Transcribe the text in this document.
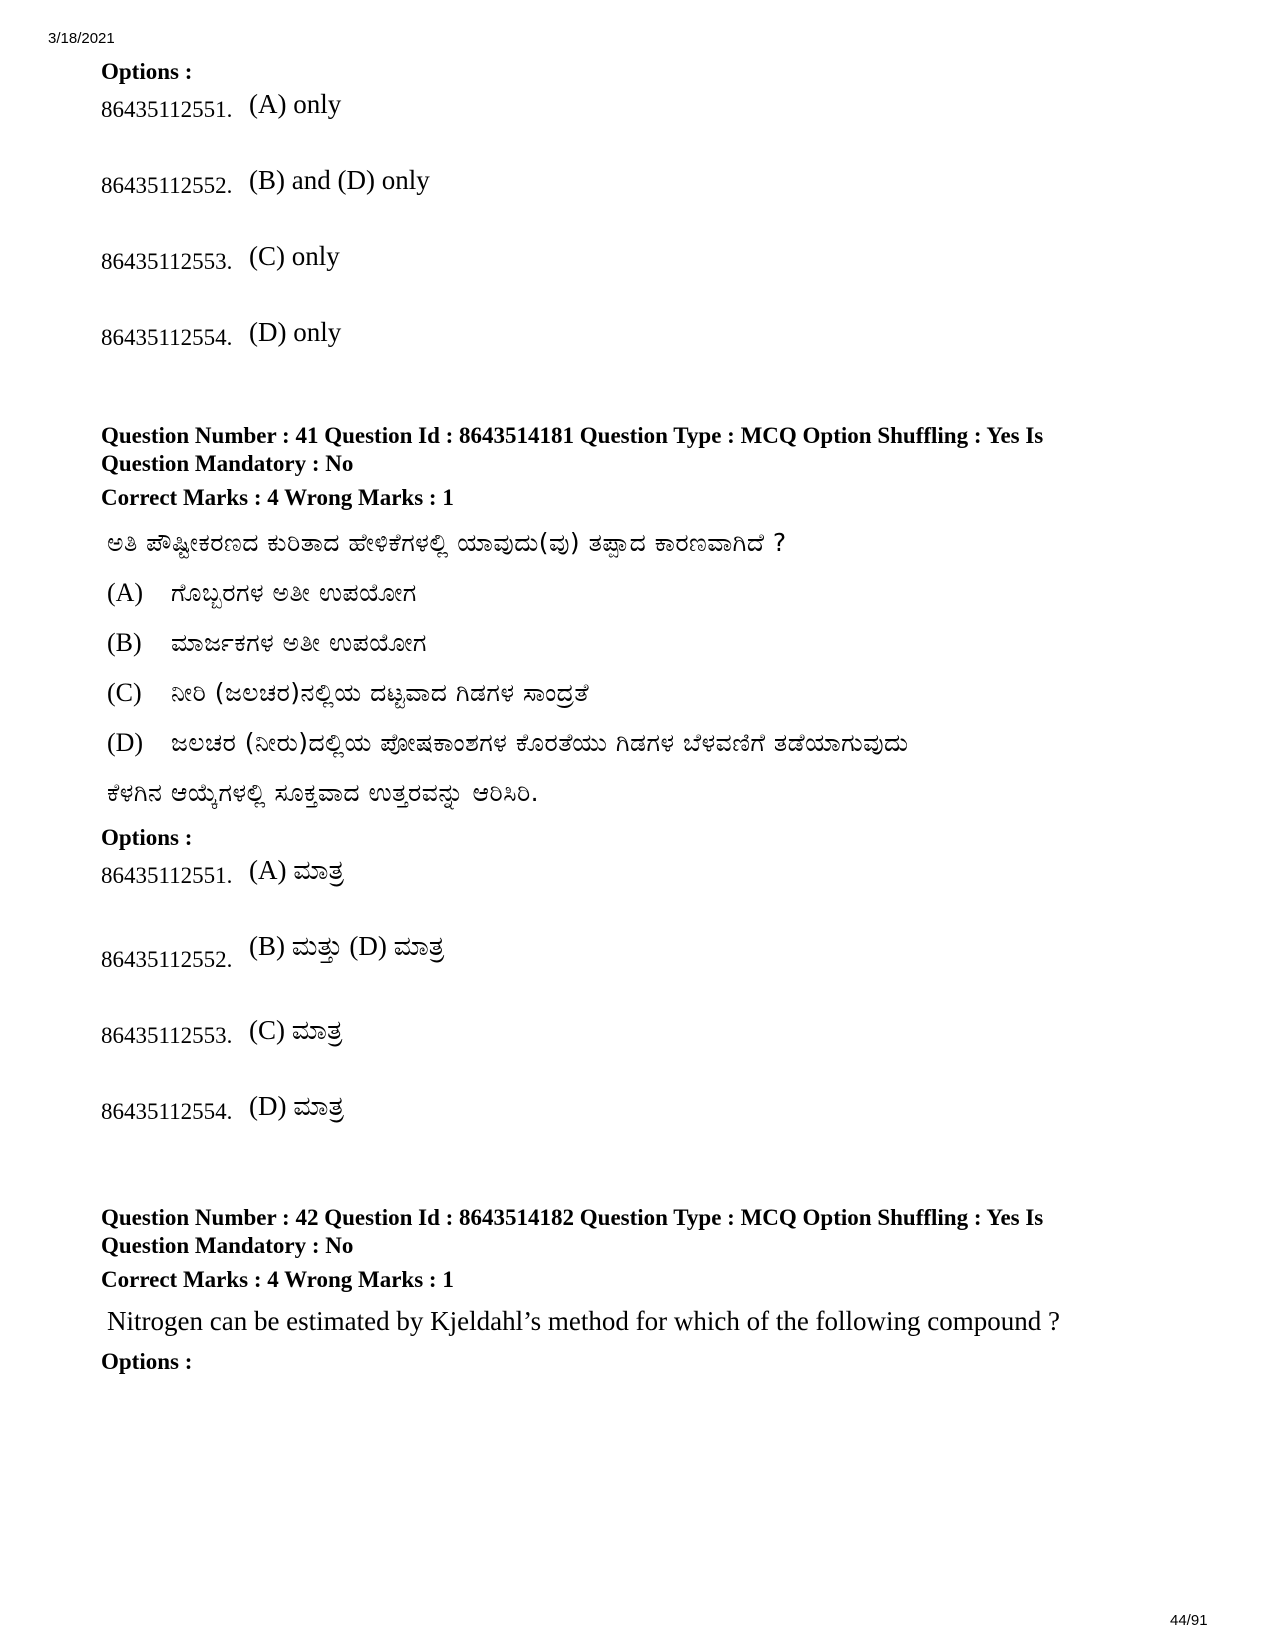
3/18/2021

Options :

86435112551. (A) only
86435112552. (B) and (D) only
86435112553. (C) only
86435112554. (D) only

Question Number : 41 Question Id : 8643514181 Question Type : MCQ Option Shuffling : Yes Is

Question Mandatory : No

Correct Marks : 4 Wrong Marks : 1

ಅತಿ ಪೌಷ್ಟೀಕರಣದ ಕುರಿತಾದ ಹೇಳಿಕೆಗಳಲ್ಲಿ ಯಾವುದು(ವು) ತಪ್ಪಾದ ಕಾರಣವಾಗಿದೆ ?

(A)	ಗೊಬ್ಬರಗಳ ಅತೀ ಉಪಯೋಗ
(B)	ಮಾರ್ಜಕಗಳ ಅತೀ ಉಪಯೋಗ
(C)	ನೀರಿ (ಜಲಚರ)ನಲ್ಲಿಯ ದಟ್ಟವಾದ ಗಿಡಗಳ ಸಾಂದ್ರತೆ
(D)	ಜಲಚರ (ನೀರು)ದಲ್ಲಿಯ ಪೋಷಕಾಂಶಗಳ ಕೊರತೆಯು ಗಿಡಗಳ ಬೆಳವಣಿಗೆ ತಡೆಯಾಗುವುದು

ಕೆಳಗಿನ ಆಯ್ಕೆಗಳಲ್ಲಿ ಸೂಕ್ತವಾದ ಉತ್ತರವನ್ನು ಆರಿಸಿರಿ.

Options :

86435112551. (A) ಮಾತ್ರ
86435112552. (B) ಮತ್ತು (D) ಮಾತ್ರ
86435112553. (C) ಮಾತ್ರ
86435112554. (D) ಮಾತ್ರ

Question Number : 42 Question Id : 8643514182 Question Type : MCQ Option Shuffling : Yes Is

Question Mandatory : No

Correct Marks : 4 Wrong Marks : 1

Nitrogen can be estimated by Kjeldahl’s method for which of the following compound ?

Options :

44/91
